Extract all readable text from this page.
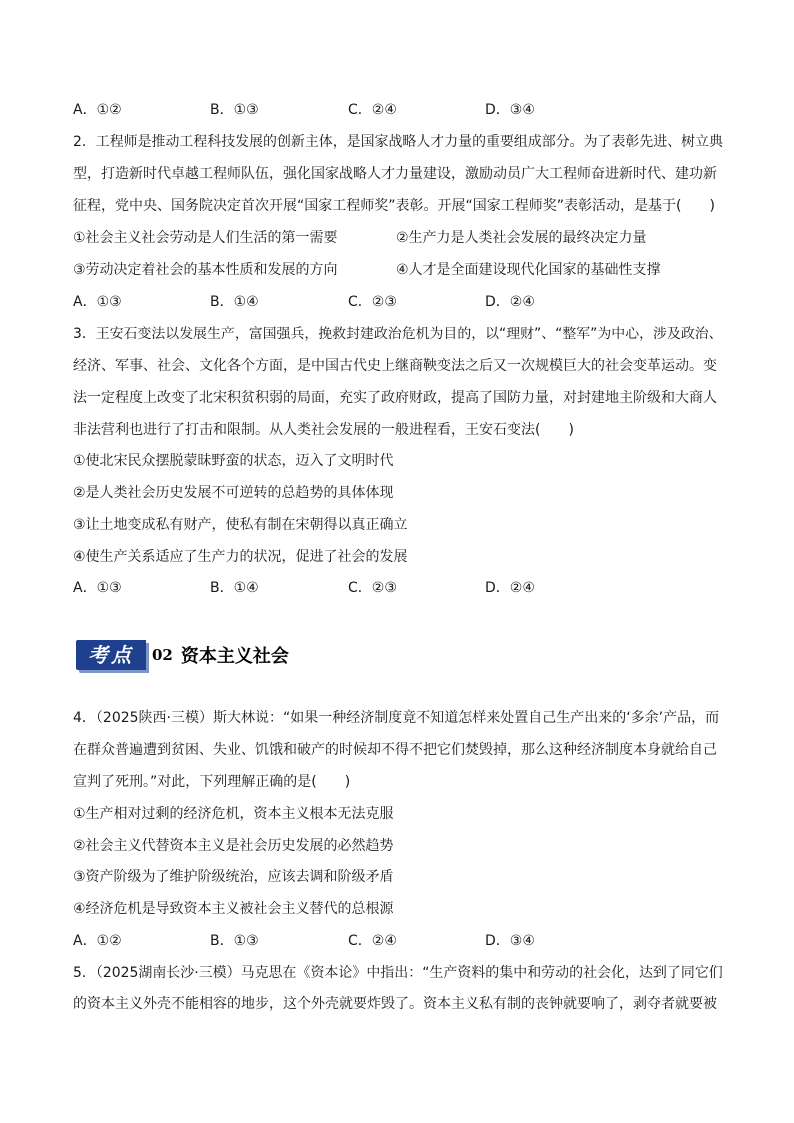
A．①②	B．①③	C．②④	D．③④
2．工程师是推动工程科技发展的创新主体，是国家战略人才力量的重要组成部分。为了表彰先进、树立典
型，打造新时代卓越工程师队伍，强化国家战略人才力量建设，激励动员广大工程师奋进新时代、建功新
征程，党中央、国务院决定首次开展“国家工程师奖”表彰。开展“国家工程师奖”表彰活动，是基于(　　)
①社会主义社会劳动是人们生活的第一需要	②生产力是人类社会发展的最终决定力量
③劳动决定着社会的基本性质和发展的方向	④人才是全面建设现代化国家的基础性支撑
A．①③	B．①④	C．②③	D．②④
3．王安石变法以发展生产，富国强兵，挽救封建政治危机为目的，以“理财”、“整军”为中心，涉及政治、
经济、军事、社会、文化各个方面，是中国古代史上继商鞅变法之后又一次规模巨大的社会变革运动。变
法一定程度上改变了北宋积贫积弱的局面，充实了政府财政，提高了国防力量，对封建地主阶级和大商人
非法营利也进行了打击和限制。从人类社会发展的一般进程看，王安石变法(　　)
①使北宋民众摆脱蒙昧野蛮的状态，迈入了文明时代
②是人类社会历史发展不可逆转的总趋势的具体体现
③让土地变成私有财产，使私有制在宋朝得以真正确立
④使生产关系适应了生产力的状况，促进了社会的发展
A．①③	B．①④	C．②③	D．②④
考点	02 资本主义社会
4．（2025陕西·三模）斯大林说：“如果一种经济制度竟不知道怎样来处置自己生产出来的‘多余’产品，而
在群众普遍遭到贫困、失业、饥饿和破产的时候却不得不把它们焚毁掉，那么这种经济制度本身就给自己
宣判了死刑。”对此，下列理解正确的是(　　)
①生产相对过剩的经济危机，资本主义根本无法克服
②社会主义代替资本主义是社会历史发展的必然趋势
③资产阶级为了维护阶级统治，应该去调和阶级矛盾
④经济危机是导致资本主义被社会主义替代的总根源
A．①②	B．①③	C．②④	D．③④
5．（2025湖南长沙·三模）马克思在《资本论》中指出：“生产资料的集中和劳动的社会化，达到了同它们
的资本主义外壳不能相容的地步，这个外壳就要炸毁了。资本主义私有制的丧钟就要响了，剥夺者就要被
